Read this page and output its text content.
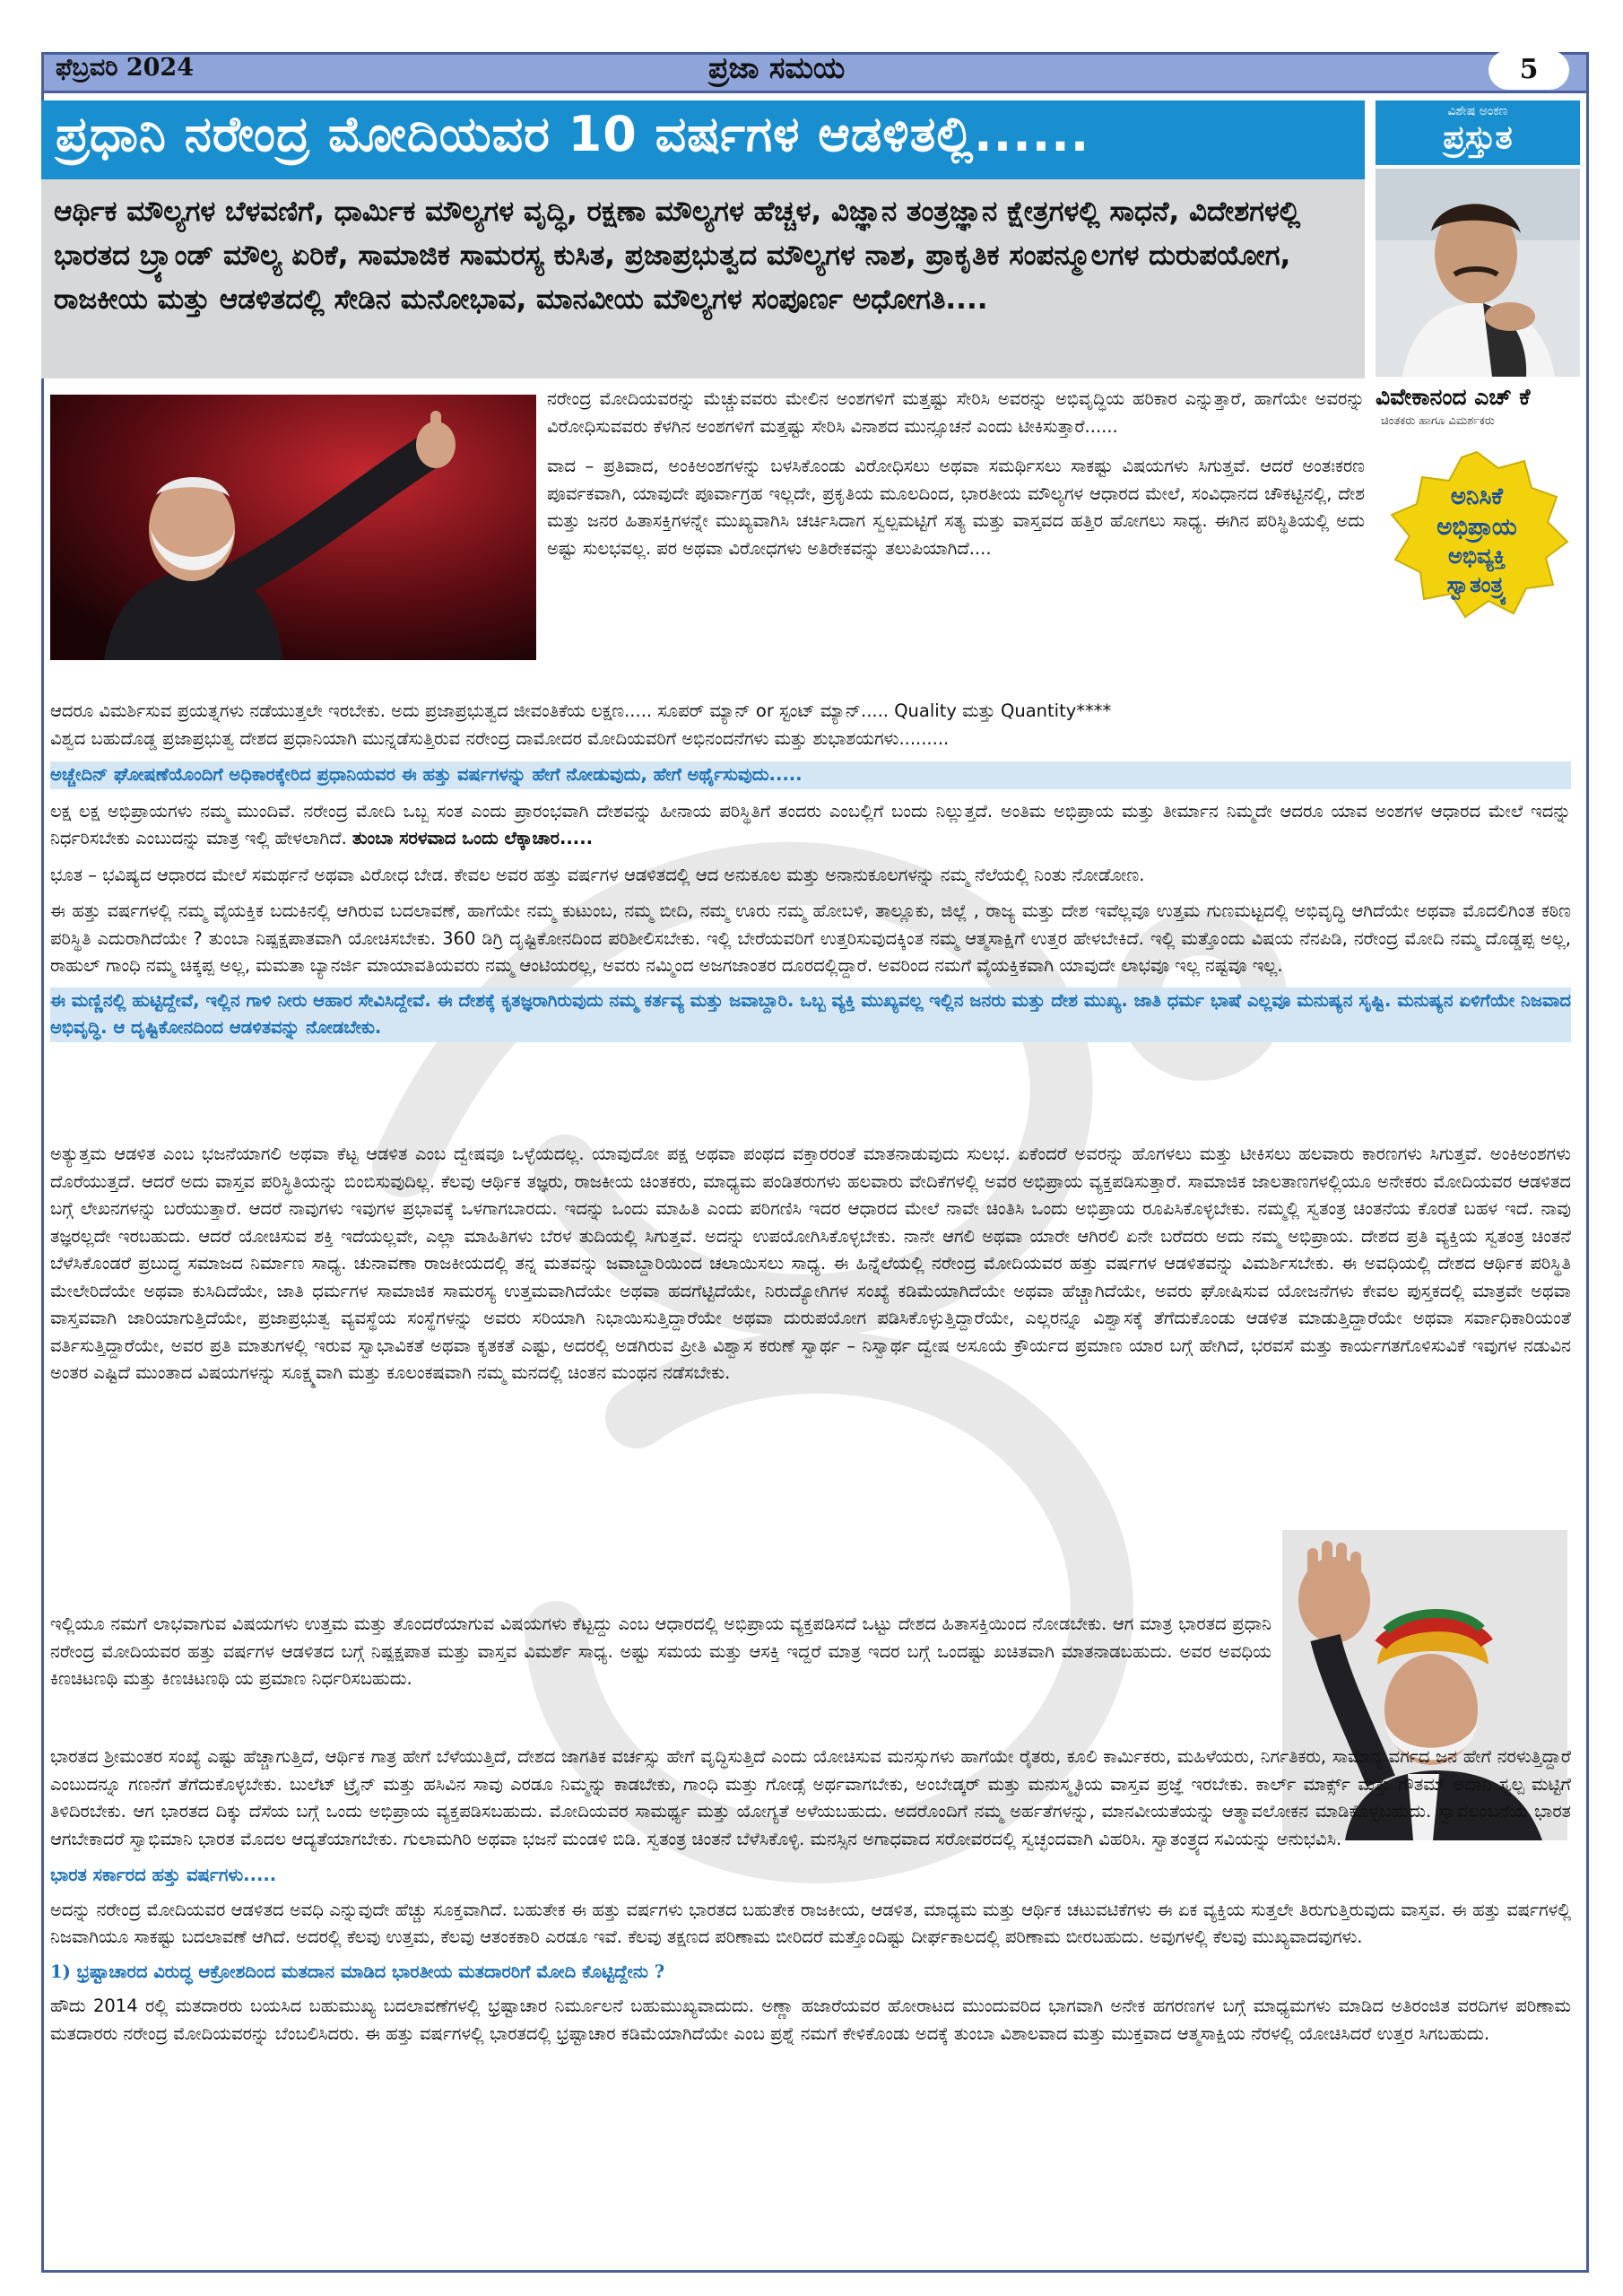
ಫೆಬ್ರವರಿ 2024	ಪ್ರಜಾ ಸಮಯ	5
ಪ್ರಧಾನಿ ನರೇಂದ್ರ ಮೋದಿಯವರ 10 ವರ್ಷಗಳ ಆಡಳಿತಲ್ಲಿ......	ವಿಶೇಷ ಅಂಕಣ
ಪ್ರಸ್ತುತ
ವಿವೇಕಾನಂದ ಎಚ್ ಕೆ
ಚಿಂತಕರು ಹಾಗೂ ವಿಮರ್ಶಕರು
ಅನಿಸಿಕೆ
ಅಭಿಪ್ರಾಯ
ಅಭಿವ್ಯಕ್ತಿ
ಸ್ವಾತಂತ್ರ್ಯ
ಆರ್ಥಿಕ ಮೌಲ್ಯಗಳ ಬೆಳವಣಿಗೆ, ಧಾರ್ಮಿಕ ಮೌಲ್ಯಗಳ ವೃದ್ಧಿ, ರಕ್ಷಣಾ ಮೌಲ್ಯಗಳ ಹೆಚ್ಚಳ, ವಿಜ್ಞಾನ ತಂತ್ರಜ್ಞಾನ ಕ್ಷೇತ್ರಗಳಲ್ಲಿ ಸಾಧನೆ, ವಿದೇಶಗಳಲ್ಲಿ ಭಾರತದ ಬ್ರ್ಯಾಂಡ್ ಮೌಲ್ಯ ಏರಿಕೆ, ಸಾಮಾಜಿಕ ಸಾಮರಸ್ಯ ಕುಸಿತ, ಪ್ರಜಾಪ್ರಭುತ್ವದ ಮೌಲ್ಯಗಳ ನಾಶ, ಪ್ರಾಕೃತಿಕ ಸಂಪನ್ಮೂಲಗಳ ದುರುಪಯೋಗ, ರಾಜಕೀಯ ಮತ್ತು ಆಡಳಿತದಲ್ಲಿ ಸೇಡಿನ ಮನೋಭಾವ, ಮಾನವೀಯ ಮೌಲ್ಯಗಳ ಸಂಪೂರ್ಣ ಅಧೋಗತಿ....

ನರೇಂದ್ರ ಮೋದಿಯವರನ್ನು ಮೆಚ್ಚುವವರು ಮೇಲಿನ ಅಂಶಗಳಿಗೆ ಮತ್ತಷ್ಟು ಸೇರಿಸಿ ಅವರನ್ನು ಅಭಿವೃದ್ಧಿಯ ಹರಿಕಾರ ಎನ್ನುತ್ತಾರೆ, ಹಾಗೆಯೇ ಅವರನ್ನು ವಿರೋಧಿಸುವವರು ಕೆಳಗಿನ ಅಂಶಗಳಿಗೆ ಮತ್ತಷ್ಟು ಸೇರಿಸಿ ವಿನಾಶದ ಮುನ್ಸೂಚನೆ ಎಂದು ಟೀಕಿಸುತ್ತಾರೆ......

ವಾದ – ಪ್ರತಿವಾದ, ಅಂಕಿಅಂಶಗಳನ್ನು ಬಳಸಿಕೊಂಡು ವಿರೋಧಿಸಲು ಅಥವಾ ಸಮರ್ಥಿಸಲು ಸಾಕಷ್ಟು ವಿಷಯಗಳು ಸಿಗುತ್ತವೆ. ಆದರೆ ಅಂತಃಕರಣ ಪೂರ್ವಕವಾಗಿ, ಯಾವುದೇ ಪೂರ್ವಾಗ್ರಹ ಇಲ್ಲದೇ, ಪ್ರಕೃತಿಯ ಮೂಲದಿಂದ, ಭಾರತೀಯ ಮೌಲ್ಯಗಳ ಆಧಾರದ ಮೇಲೆ, ಸಂವಿಧಾನದ ಚೌಕಟ್ಟಿನಲ್ಲಿ, ದೇಶ ಮತ್ತು ಜನರ ಹಿತಾಸಕ್ತಿಗಳನ್ನೇ ಮುಖ್ಯವಾಗಿಸಿ ಚರ್ಚಿಸಿದಾಗ ಸ್ವಲ್ಪಮಟ್ಟಿಗೆ ಸತ್ಯ ಮತ್ತು ವಾಸ್ತವದ ಹತ್ತಿರ ಹೋಗಲು ಸಾಧ್ಯ. ಈಗಿನ ಪರಿಸ್ಥಿತಿಯಲ್ಲಿ ಅದು ಅಷ್ಟು ಸುಲಭವಲ್ಲ. ಪರ ಅಥವಾ ವಿರೋಧಗಳು ಅತಿರೇಕವನ್ನು ತಲುಪಿಯಾಗಿದೆ....

ಆದರೂ ವಿಮರ್ಶಿಸುವ ಪ್ರಯತ್ನಗಳು ನಡೆಯುತ್ತಲೇ ಇರಬೇಕು. ಅದು ಪ್ರಜಾಪ್ರಭುತ್ವದ ಜೀವಂತಿಕೆಯ ಲಕ್ಷಣ..... ಸೂಪರ್ ಮ್ಯಾನ್ or ಸ್ಟಂಟ್ ಮ್ಯಾನ್..... Quality ಮತ್ತು Quantity****

ವಿಶ್ವದ ಬಹುದೊಡ್ಡ ಪ್ರಜಾಪ್ರಭುತ್ವ ದೇಶದ ಪ್ರಧಾನಿಯಾಗಿ ಮುನ್ನಡೆಸುತ್ತಿರುವ ನರೇಂದ್ರ ದಾಮೋದರ ಮೋದಿಯವರಿಗೆ ಅಭಿನಂದನೆಗಳು ಮತ್ತು ಶುಭಾಶಯಗಳು.........

ಅಚ್ಚೇದಿನ್ ಘೋಷಣೆಯೊಂದಿಗೆ ಅಧಿಕಾರಕ್ಕೇರಿದ ಪ್ರಧಾನಿಯವರ ಈ ಹತ್ತು ವರ್ಷಗಳನ್ನು ಹೇಗೆ ನೋಡುವುದು, ಹೇಗೆ ಅರ್ಥೈಸುವುದು.....

ಲಕ್ಷ ಲಕ್ಷ ಅಭಿಪ್ರಾಯಗಳು ನಮ್ಮ ಮುಂದಿವೆ. ನರೇಂದ್ರ ಮೋದಿ ಒಬ್ಬ ಸಂತ ಎಂದು ಪ್ರಾರಂಭವಾಗಿ ದೇಶವನ್ನು ಹೀನಾಯ ಪರಿಸ್ಥಿತಿಗೆ ತಂದರು ಎಂಬಲ್ಲಿಗೆ ಬಂದು ನಿಲ್ಲುತ್ತದೆ. ಅಂತಿಮ ಅಭಿಪ್ರಾಯ ಮತ್ತು ತೀರ್ಮಾನ ನಿಮ್ಮದೇ ಆದರೂ ಯಾವ ಅಂಶಗಳ ಆಧಾರದ ಮೇಲೆ ಇದನ್ನು ನಿರ್ಧರಿಸಬೇಕು ಎಂಬುದನ್ನು ಮಾತ್ರ ಇಲ್ಲಿ ಹೇಳಲಾಗಿದೆ. ತುಂಬಾ ಸರಳವಾದ ಒಂದು ಲೆಕ್ಕಾಚಾರ.....

ಭೂತ – ಭವಿಷ್ಯದ ಆಧಾರದ ಮೇಲೆ ಸಮರ್ಥನೆ ಅಥವಾ ವಿರೋಧ ಬೇಡ. ಕೇವಲ ಅವರ ಹತ್ತು ವರ್ಷಗಳ ಆಡಳಿತದಲ್ಲಿ ಆದ ಅನುಕೂಲ ಮತ್ತು ಅನಾನುಕೂಲಗಳನ್ನು ನಮ್ಮ ನೆಲೆಯಲ್ಲಿ ನಿಂತು ನೋಡೋಣ.

ಈ ಹತ್ತು ವರ್ಷಗಳಲ್ಲಿ ನಮ್ಮ ವೈಯಕ್ತಿಕ ಬದುಕಿನಲ್ಲಿ ಆಗಿರುವ ಬದಲಾವಣೆ, ಹಾಗೆಯೇ ನಮ್ಮ ಕುಟುಂಬ, ನಮ್ಮ ಬೀದಿ, ನಮ್ಮ ಊರು ನಮ್ಮ ಹೋಬಳಿ, ತಾಲ್ಲೂಕು, ಜಿಲ್ಲೆ , ರಾಜ್ಯ ಮತ್ತು ದೇಶ ಇವೆಲ್ಲವೂ ಉತ್ತಮ ಗುಣಮಟ್ಟದಲ್ಲಿ ಅಭಿವೃದ್ಧಿ ಆಗಿದೆಯೇ ಅಥವಾ ಮೊದಲಿಗಿಂತ ಕಠಿಣ ಪರಿಸ್ಥಿತಿ ಎದುರಾಗಿದೆಯೇ ? ತುಂಬಾ ನಿಷ್ಪಕ್ಷಪಾತವಾಗಿ ಯೋಚಿಸಬೇಕು. 360 ಡಿಗ್ರಿ ದೃಷ್ಟಿಕೋನದಿಂದ ಪರಿಶೀಲಿಸಬೇಕು. ಇಲ್ಲಿ ಬೇರೆಯವರಿಗೆ ಉತ್ತರಿಸುವುದಕ್ಕಿಂತ ನಮ್ಮ ಆತ್ಮಸಾಕ್ಷಿಗೆ ಉತ್ತರ ಹೇಳಬೇಕಿದೆ. ಇಲ್ಲಿ ಮತ್ತೊಂದು ವಿಷಯ ನೆನಪಿಡಿ, ನರೇಂದ್ರ ಮೋದಿ ನಮ್ಮ ದೊಡ್ಡಪ್ಪ ಅಲ್ಲ, ರಾಹುಲ್ ಗಾಂಧಿ ನಮ್ಮ ಚಿಕ್ಕಪ್ಪ ಅಲ್ಲ, ಮಮತಾ ಬ್ಯಾನರ್ಜಿ ಮಾಯಾವತಿಯವರು ನಮ್ಮ ಆಂಟಿಯರಲ್ಲ, ಅವರು ನಮ್ಮಿಂದ ಅಜಗಜಾಂತರ ದೂರದಲ್ಲಿದ್ದಾರೆ. ಅವರಿಂದ ನಮಗೆ ವೈಯಕ್ತಿಕವಾಗಿ ಯಾವುದೇ ಲಾಭವೂ ಇಲ್ಲ ನಷ್ಟವೂ ಇಲ್ಲ.

ಈ ಮಣ್ಣಿನಲ್ಲಿ ಹುಟ್ಟಿದ್ದೇವೆ, ಇಲ್ಲಿನ ಗಾಳಿ ನೀರು ಆಹಾರ ಸೇವಿಸಿದ್ದೇವೆ. ಈ ದೇಶಕ್ಕೆ ಕೃತಜ್ಞರಾಗಿರುವುದು ನಮ್ಮ ಕರ್ತವ್ಯ ಮತ್ತು ಜವಾಬ್ದಾರಿ. ಒಬ್ಬ ವ್ಯಕ್ತಿ ಮುಖ್ಯವಲ್ಲ ಇಲ್ಲಿನ ಜನರು ಮತ್ತು ದೇಶ ಮುಖ್ಯ. ಜಾತಿ ಧರ್ಮ ಭಾಷೆ ಎಲ್ಲವೂ ಮನುಷ್ಯನ ಸೃಷ್ಟಿ. ಮನುಷ್ಯನ ಏಳಿಗೆಯೇ ನಿಜವಾದ ಅಭಿವೃದ್ಧಿ. ಆ ದೃಷ್ಟಿಕೋನದಿಂದ ಆಡಳಿತವನ್ನು ನೋಡಬೇಕು.

ಅತ್ಯುತ್ತಮ ಆಡಳಿತ ಎಂಬ ಭಜನೆಯಾಗಲಿ ಅಥವಾ ಕೆಟ್ಟ ಆಡಳಿತ ಎಂಬ ದ್ವೇಷವೂ ಒಳ್ಳೆಯದಲ್ಲ. ಯಾವುದೋ ಪಕ್ಷ ಅಥವಾ ಪಂಥದ ವಕ್ತಾರರಂತೆ ಮಾತನಾಡುವುದು ಸುಲಭ. ಏಕೆಂದರೆ ಅವರನ್ನು ಹೊಗಳಲು ಮತ್ತು ಟೀಕಿಸಲು ಹಲವಾರು ಕಾರಣಗಳು ಸಿಗುತ್ತವೆ. ಅಂಕಿಅಂಶಗಳು ದೊರೆಯುತ್ತದೆ. ಆದರೆ ಅದು ವಾಸ್ತವ ಪರಿಸ್ಥಿತಿಯನ್ನು ಬಿಂಬಿಸುವುದಿಲ್ಲ. ಕೆಲವು ಆರ್ಥಿಕ ತಜ್ಞರು, ರಾಜಕೀಯ ಚಿಂತಕರು, ಮಾಧ್ಯಮ ಪಂಡಿತರುಗಳು ಹಲವಾರು ವೇದಿಕೆಗಳಲ್ಲಿ ಅವರ ಅಭಿಪ್ರಾಯ ವ್ಯಕ್ತಪಡಿಸುತ್ತಾರೆ. ಸಾಮಾಜಿಕ ಜಾಲತಾಣಗಳಲ್ಲಿಯೂ ಅನೇಕರು ಮೋದಿಯವರ ಆಡಳಿತದ ಬಗ್ಗೆ ಲೇಖನಗಳನ್ನು ಬರೆಯುತ್ತಾರೆ. ಆದರೆ ನಾವುಗಳು ಇವುಗಳ ಪ್ರಭಾವಕ್ಕೆ ಒಳಗಾಗಬಾರದು. ಇದನ್ನು ಒಂದು ಮಾಹಿತಿ ಎಂದು ಪರಿಗಣಿಸಿ ಇದರ ಆಧಾರದ ಮೇಲೆ ನಾವೇ ಚಿಂತಿಸಿ ಒಂದು ಅಭಿಪ್ರಾಯ ರೂಪಿಸಿಕೊಳ್ಳಬೇಕು. ನಮ್ಮಲ್ಲಿ ಸ್ವತಂತ್ರ ಚಿಂತನೆಯ ಕೊರತೆ ಬಹಳ ಇದೆ. ನಾವು ತಜ್ಞರಲ್ಲದೇ ಇರಬಹುದು. ಆದರೆ ಯೋಚಿಸುವ ಶಕ್ತಿ ಇದೆಯಲ್ಲವೇ, ಎಲ್ಲಾ ಮಾಹಿತಿಗಳು ಬೆರಳ ತುದಿಯಲ್ಲಿ ಸಿಗುತ್ತವೆ. ಅದನ್ನು ಉಪಯೋಗಿಸಿಕೊಳ್ಳಬೇಕು. ನಾನೇ ಆಗಲಿ ಅಥವಾ ಯಾರೇ ಆಗಿರಲಿ ಏನೇ ಬರೆದರು ಅದು ನಮ್ಮ ಅಭಿಪ್ರಾಯ. ದೇಶದ ಪ್ರತಿ ವ್ಯಕ್ತಿಯ ಸ್ವತಂತ್ರ ಚಿಂತನೆ ಬೆಳೆಸಿಕೊಂಡರೆ ಪ್ರಬುದ್ಧ ಸಮಾಜದ ನಿರ್ಮಾಣ ಸಾಧ್ಯ. ಚುನಾವಣಾ ರಾಜಕೀಯದಲ್ಲಿ ತನ್ನ ಮತವನ್ನು ಜವಾಬ್ದಾರಿಯಿಂದ ಚಲಾಯಿಸಲು ಸಾಧ್ಯ. ಈ ಹಿನ್ನೆಲೆಯಲ್ಲಿ ನರೇಂದ್ರ ಮೋದಿಯವರ ಹತ್ತು ವರ್ಷಗಳ ಆಡಳಿತವನ್ನು ವಿಮರ್ಶಿಸಬೇಕು. ಈ ಅವಧಿಯಲ್ಲಿ ದೇಶದ ಆರ್ಥಿಕ ಪರಿಸ್ಥಿತಿ ಮೇಲೇರಿದೆಯೇ ಅಥವಾ ಕುಸಿದಿದೆಯೇ, ಜಾತಿ ಧರ್ಮಗಳ ಸಾಮಾಜಿಕ ಸಾಮರಸ್ಯ ಉತ್ತಮವಾಗಿದೆಯೇ ಅಥವಾ ಹದಗೆಟ್ಟಿದೆಯೇ, ನಿರುದ್ಯೋಗಿಗಳ ಸಂಖ್ಯೆ ಕಡಿಮೆಯಾಗಿದೆಯೇ ಅಥವಾ ಹೆಚ್ಚಾಗಿದೆಯೇ, ಅವರು ಘೋಷಿಸುವ ಯೋಜನೆಗಳು ಕೇವಲ ಪುಸ್ತಕದಲ್ಲಿ ಮಾತ್ರವೇ ಅಥವಾ ವಾಸ್ತವವಾಗಿ ಜಾರಿಯಾಗುತ್ತಿದೆಯೇ, ಪ್ರಜಾಪ್ರಭುತ್ವ ವ್ಯವಸ್ಥೆಯ ಸಂಸ್ಥೆಗಳನ್ನು ಅವರು ಸರಿಯಾಗಿ ನಿಭಾಯಿಸುತ್ತಿದ್ದಾರೆಯೇ ಅಥವಾ ದುರುಪಯೋಗ ಪಡಿಸಿಕೊಳ್ಳುತ್ತಿದ್ದಾರೆಯೇ, ಎಲ್ಲರನ್ನೂ ವಿಶ್ವಾಸಕ್ಕೆ ತೆಗೆದುಕೊಂಡು ಆಡಳಿತ ಮಾಡುತ್ತಿದ್ದಾರೆಯೇ ಅಥವಾ ಸರ್ವಾಧಿಕಾರಿಯಂತೆ ವರ್ತಿಸುತ್ತಿದ್ದಾರೆಯೇ, ಅವರ ಪ್ರತಿ ಮಾತುಗಳಲ್ಲಿ ಇರುವ ಸ್ವಾಭಾವಿಕತೆ ಅಥವಾ ಕೃತಕತೆ ಎಷ್ಟು, ಅದರಲ್ಲಿ ಅಡಗಿರುವ ಪ್ರೀತಿ ವಿಶ್ವಾಸ ಕರುಣೆ ಸ್ವಾರ್ಥ – ನಿಸ್ವಾರ್ಥ ದ್ವೇಷ ಅಸೂಯೆ ಕ್ರೌರ್ಯದ ಪ್ರಮಾಣ ಯಾರ ಬಗ್ಗೆ ಹೇಗಿದೆ, ಭರವಸೆ ಮತ್ತು ಕಾರ್ಯಗತಗೊಳಿಸುವಿಕೆ ಇವುಗಳ ನಡುವಿನ ಅಂತರ ಎಷ್ಟಿದೆ ಮುಂತಾದ ವಿಷಯಗಳನ್ನು ಸೂಕ್ಷ್ಮವಾಗಿ ಮತ್ತು ಕೂಲಂಕಷವಾಗಿ ನಮ್ಮ ಮನದಲ್ಲಿ ಚಿಂತನ ಮಂಥನ ನಡೆಸಬೇಕು.

ಇಲ್ಲಿಯೂ ನಮಗೆ ಲಾಭವಾಗುವ ವಿಷಯಗಳು ಉತ್ತಮ ಮತ್ತು ತೊಂದರೆಯಾಗುವ ವಿಷಯಗಳು ಕೆಟ್ಟದ್ದು ಎಂಬ ಆಧಾರದಲ್ಲಿ ಅಭಿಪ್ರಾಯ ವ್ಯಕ್ತಪಡಿಸದೆ ಒಟ್ಟು ದೇಶದ ಹಿತಾಸಕ್ತಿಯಿಂದ ನೋಡಬೇಕು. ಆಗ ಮಾತ್ರ ಭಾರತದ ಪ್ರಧಾನಿ ನರೇಂದ್ರ ಮೋದಿಯವರ ಹತ್ತು ವರ್ಷಗಳ ಆಡಳಿತದ ಬಗ್ಗೆ ನಿಷ್ಪಕ್ಷಪಾತ ಮತ್ತು ವಾಸ್ತವ ವಿಮರ್ಶೆ ಸಾಧ್ಯ. ಅಷ್ಟು ಸಮಯ ಮತ್ತು ಆಸಕ್ತಿ ಇದ್ದರೆ ಮಾತ್ರ ಇದರ ಬಗ್ಗೆ ಒಂದಷ್ಟು ಖಚಿತವಾಗಿ ಮಾತನಾಡಬಹುದು. ಅವರ ಅವಧಿಯ ಕಿಣಚಿಟಣಥಿ ಮತ್ತು ಕಿಣಚಿಟಣಥಿ ಯ ಪ್ರಮಾಣ ನಿರ್ಧರಿಸಬಹುದು.

ಭಾರತದ ಶ್ರೀಮಂತರ ಸಂಖ್ಯೆ ಎಷ್ಟು ಹೆಚ್ಚಾಗುತ್ತಿದೆ, ಆರ್ಥಿಕ ಗಾತ್ರ ಹೇಗೆ ಬೆಳೆಯುತ್ತಿದೆ, ದೇಶದ ಜಾಗತಿಕ ವರ್ಚಸ್ಸು ಹೇಗೆ ವೃದ್ಧಿಸುತ್ತಿದೆ ಎಂದು ಯೋಚಿಸುವ ಮನಸ್ಸುಗಳು ಹಾಗೆಯೇ ರೈತರು, ಕೂಲಿ ಕಾರ್ಮಿಕರು, ಮಹಿಳೆಯರು, ನಿರ್ಗತಿಕರು, ಸಾಮಾನ್ಯ ವರ್ಗದ ಜನ ಹೇಗೆ ನರಳುತ್ತಿದ್ದಾರೆ ಎಂಬುದನ್ನೂ ಗಣನೆಗೆ ತೆಗೆದುಕೊಳ್ಳಬೇಕು. ಬುಲೆಟ್ ಟ್ರೈನ್ ಮತ್ತು ಹಸಿವಿನ ಸಾವು ಎರಡೂ ನಿಮ್ಮನ್ನು ಕಾಡಬೇಕು, ಗಾಂಧಿ ಮತ್ತು ಗೋಡ್ಸೆ ಅರ್ಥವಾಗಬೇಕು, ಅಂಬೇಡ್ಕರ್ ಮತ್ತು ಮನುಸ್ಮೃತಿಯ ವಾಸ್ತವ ಪ್ರಜ್ಞೆ ಇರಬೇಕು. ಕಾರ್ಲ್ ಮಾರ್ಕ್ಸ್ ಮತ್ತು ಗೌತಮ್ ಅದಾನಿ ಸ್ವಲ್ಪ ಮಟ್ಟಿಗೆ ತಿಳಿದಿರಬೇಕು. ಆಗ ಭಾರತದ ದಿಕ್ಕು ದೆಸೆಯ ಬಗ್ಗೆ ಒಂದು ಅಭಿಪ್ರಾಯ ವ್ಯಕ್ತಪಡಿಸಬಹುದು. ಮೋದಿಯವರ ಸಾಮರ್ಥ್ಯ ಮತ್ತು ಯೋಗ್ಯತೆ ಅಳೆಯಬಹುದು. ಅದರೊಂದಿಗೆ ನಮ್ಮ ಅರ್ಹತೆಗಳನ್ನು, ಮಾನವೀಯತೆಯನ್ನು ಆತ್ಮಾವಲೋಕನ ಮಾಡಿಕೊಳ್ಳಬಹುದು. ಸ್ವಾವಲಂಬನೆಯ ಭಾರತ ಆಗಬೇಕಾದರೆ ಸ್ವಾಭಿಮಾನಿ ಭಾರತ ಮೊದಲ ಆದ್ಯತೆಯಾಗಬೇಕು. ಗುಲಾಮಗಿರಿ ಅಥವಾ ಭಜನೆ ಮಂಡಳಿ ಬಿಡಿ. ಸ್ವತಂತ್ರ ಚಿಂತನೆ ಬೆಳೆಸಿಕೊಳ್ಳಿ. ಮನಸ್ಸಿನ ಅಗಾಧವಾದ ಸರೋವರದಲ್ಲಿ ಸ್ವಚ್ಛಂದವಾಗಿ ವಿಹರಿಸಿ. ಸ್ವಾತಂತ್ರ್ಯದ ಸವಿಯನ್ನು ಅನುಭವಿಸಿ.

ಭಾರತ ಸರ್ಕಾರದ ಹತ್ತು ವರ್ಷಗಳು.....

ಅದನ್ನು ನರೇಂದ್ರ ಮೋದಿಯವರ ಆಡಳಿತದ ಅವಧಿ ಎನ್ನುವುದೇ ಹೆಚ್ಚು ಸೂಕ್ತವಾಗಿದೆ. ಬಹುತೇಕ ಈ ಹತ್ತು ವರ್ಷಗಳು ಭಾರತದ ಬಹುತೇಕ ರಾಜಕೀಯ, ಆಡಳಿತ, ಮಾಧ್ಯಮ ಮತ್ತು ಆರ್ಥಿಕ ಚಟುವಟಿಕೆಗಳು ಈ ಏಕ ವ್ಯಕ್ತಿಯ ಸುತ್ತಲೇ ತಿರುಗುತ್ತಿರುವುದು ವಾಸ್ತವ. ಈ ಹತ್ತು ವರ್ಷಗಳಲ್ಲಿ ನಿಜವಾಗಿಯೂ ಸಾಕಷ್ಟು ಬದಲಾವಣೆ ಆಗಿದೆ. ಅದರಲ್ಲಿ ಕೆಲವು ಉತ್ತಮ, ಕೆಲವು ಆತಂಕಕಾರಿ ಎರಡೂ ಇವೆ. ಕೆಲವು ತಕ್ಷಣದ ಪರಿಣಾಮ ಬೀರಿದರೆ ಮತ್ತೊಂದಿಷ್ಟು ದೀರ್ಘಕಾಲದಲ್ಲಿ ಪರಿಣಾಮ ಬೀರಬಹುದು. ಅವುಗಳಲ್ಲಿ ಕೆಲವು ಮುಖ್ಯವಾದವುಗಳು.

1) ಭ್ರಷ್ಟಾಚಾರದ ವಿರುದ್ಧ ಆಕ್ರೋಶದಿಂದ ಮತದಾನ ಮಾಡಿದ ಭಾರತೀಯ ಮತದಾರರಿಗೆ ಮೋದಿ ಕೊಟ್ಟಿದ್ದೇನು ?

ಹೌದು 2014 ರಲ್ಲಿ ಮತದಾರರು ಬಯಸಿದ ಬಹುಮುಖ್ಯ ಬದಲಾವಣೆಗಳಲ್ಲಿ ಭ್ರಷ್ಟಾಚಾರ ನಿರ್ಮೂಲನೆ ಬಹುಮುಖ್ಯವಾದುದು. ಅಣ್ಣಾ ಹಜಾರೆಯವರ ಹೋರಾಟದ ಮುಂದುವರಿದ ಭಾಗವಾಗಿ ಅನೇಕ ಹಗರಣಗಳ ಬಗ್ಗೆ ಮಾಧ್ಯಮಗಳು ಮಾಡಿದ ಅತಿರಂಜಿತ ವರದಿಗಳ ಪರಿಣಾಮ ಮತದಾರರು ನರೇಂದ್ರ ಮೋದಿಯವರನ್ನು ಬೆಂಬಲಿಸಿದರು. ಈ ಹತ್ತು ವರ್ಷಗಳಲ್ಲಿ ಭಾರತದಲ್ಲಿ ಭ್ರಷ್ಟಾಚಾರ ಕಡಿಮೆಯಾಗಿದೆಯೇ ಎಂಬ ಪ್ರಶ್ನೆ ನಮಗೆ ಕೇಳಿಕೊಂಡು ಅದಕ್ಕೆ ತುಂಬಾ ವಿಶಾಲವಾದ ಮತ್ತು ಮುಕ್ತವಾದ ಆತ್ಮಸಾಕ್ಷಿಯ ನೆರಳಲ್ಲಿ ಯೋಚಿಸಿದರೆ ಉತ್ತರ ಸಿಗಬಹುದು.
